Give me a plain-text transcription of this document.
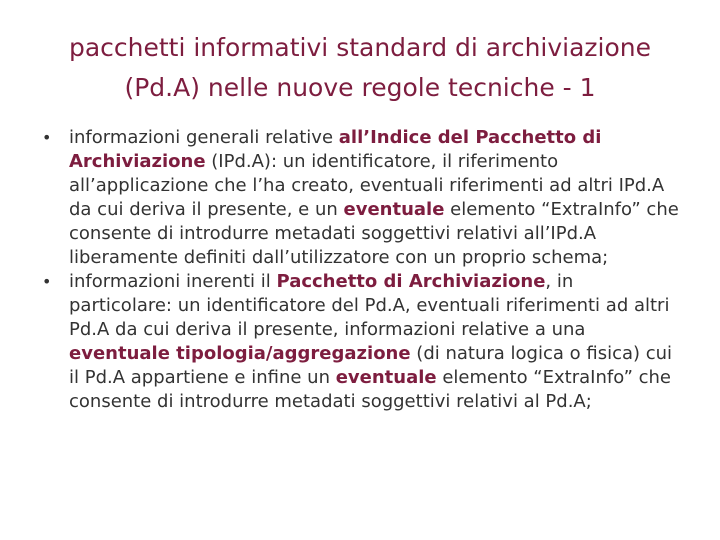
pacchetti informativi standard di archiviazione
(Pd.A) nelle nuove regole tecniche - 1

• informazioni generali relative all’Indice del Pacchetto di Archiviazione (IPd.A): un identificatore, il riferimento all’applicazione che l’ha creato, eventuali riferimenti ad altri IPd.A da cui deriva il presente, e un eventuale elemento “ExtraInfo” che consente di introdurre metadati soggettivi relativi all’IPd.A liberamente definiti dall’utilizzatore con un proprio schema;

• informazioni inerenti il Pacchetto di Archiviazione, in particolare: un identificatore del Pd.A, eventuali riferimenti ad altri Pd.A da cui deriva il presente, informazioni relative a una eventuale tipologia/aggregazione (di natura logica o fisica) cui il Pd.A appartiene e infine un eventuale elemento “ExtraInfo” che consente di introdurre metadati soggettivi relativi al Pd.A;
